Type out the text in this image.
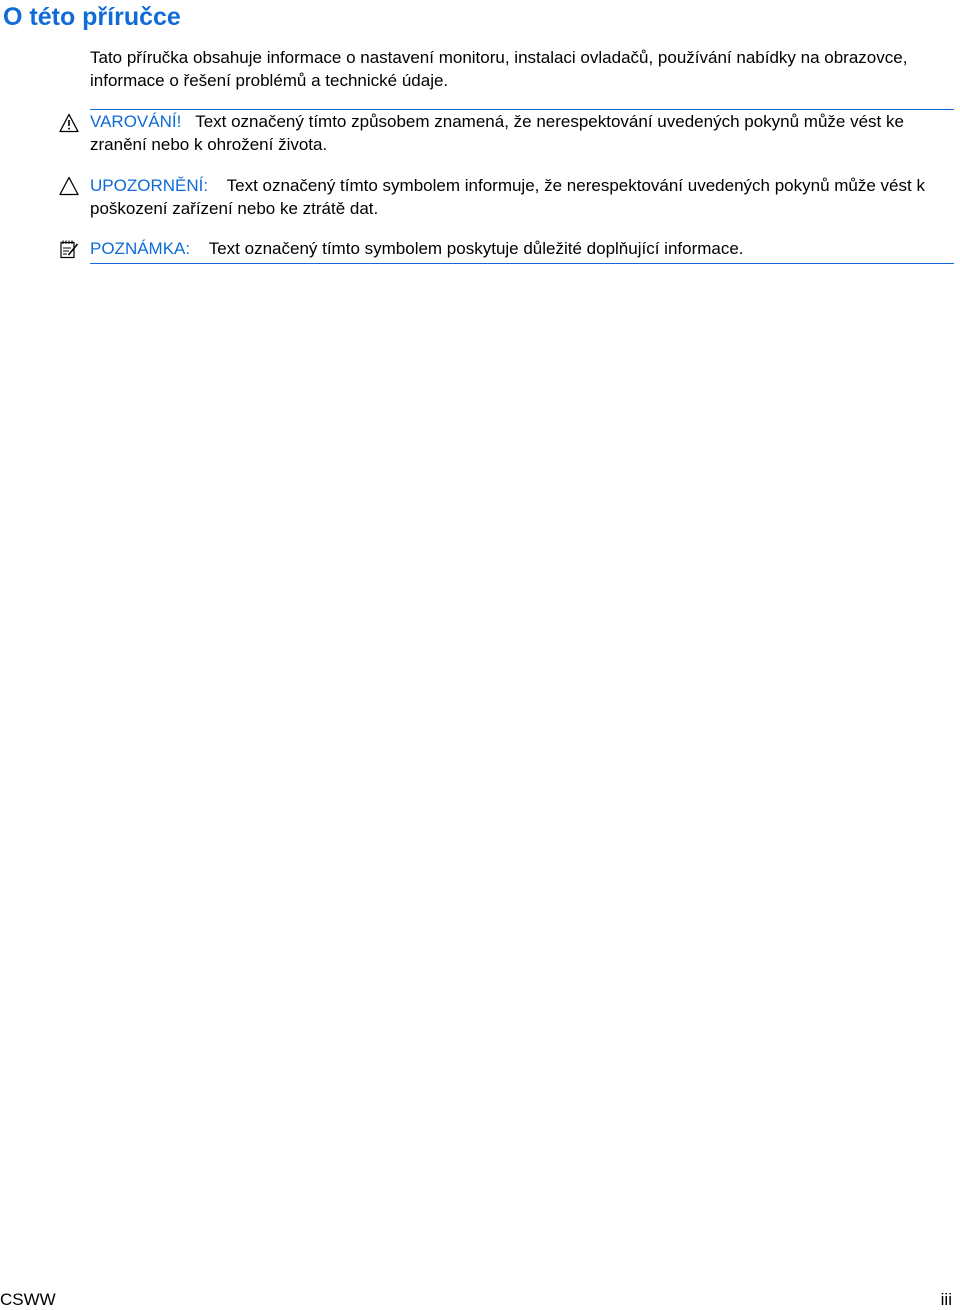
O této příručce

Tato příručka obsahuje informace o nastavení monitoru, instalaci ovladačů, používání nabídky na obrazovce, informace o řešení problémů a technické údaje.

VAROVÁNÍ! Text označený tímto způsobem znamená, že nerespektování uvedených pokynů může vést ke zranění nebo k ohrožení života.

UPOZORNĚNÍ: Text označený tímto symbolem informuje, že nerespektování uvedených pokynů může vést k poškození zařízení nebo ke ztrátě dat.

POZNÁMKA: Text označený tímto symbolem poskytuje důležité doplňující informace.

CSWW	iii
